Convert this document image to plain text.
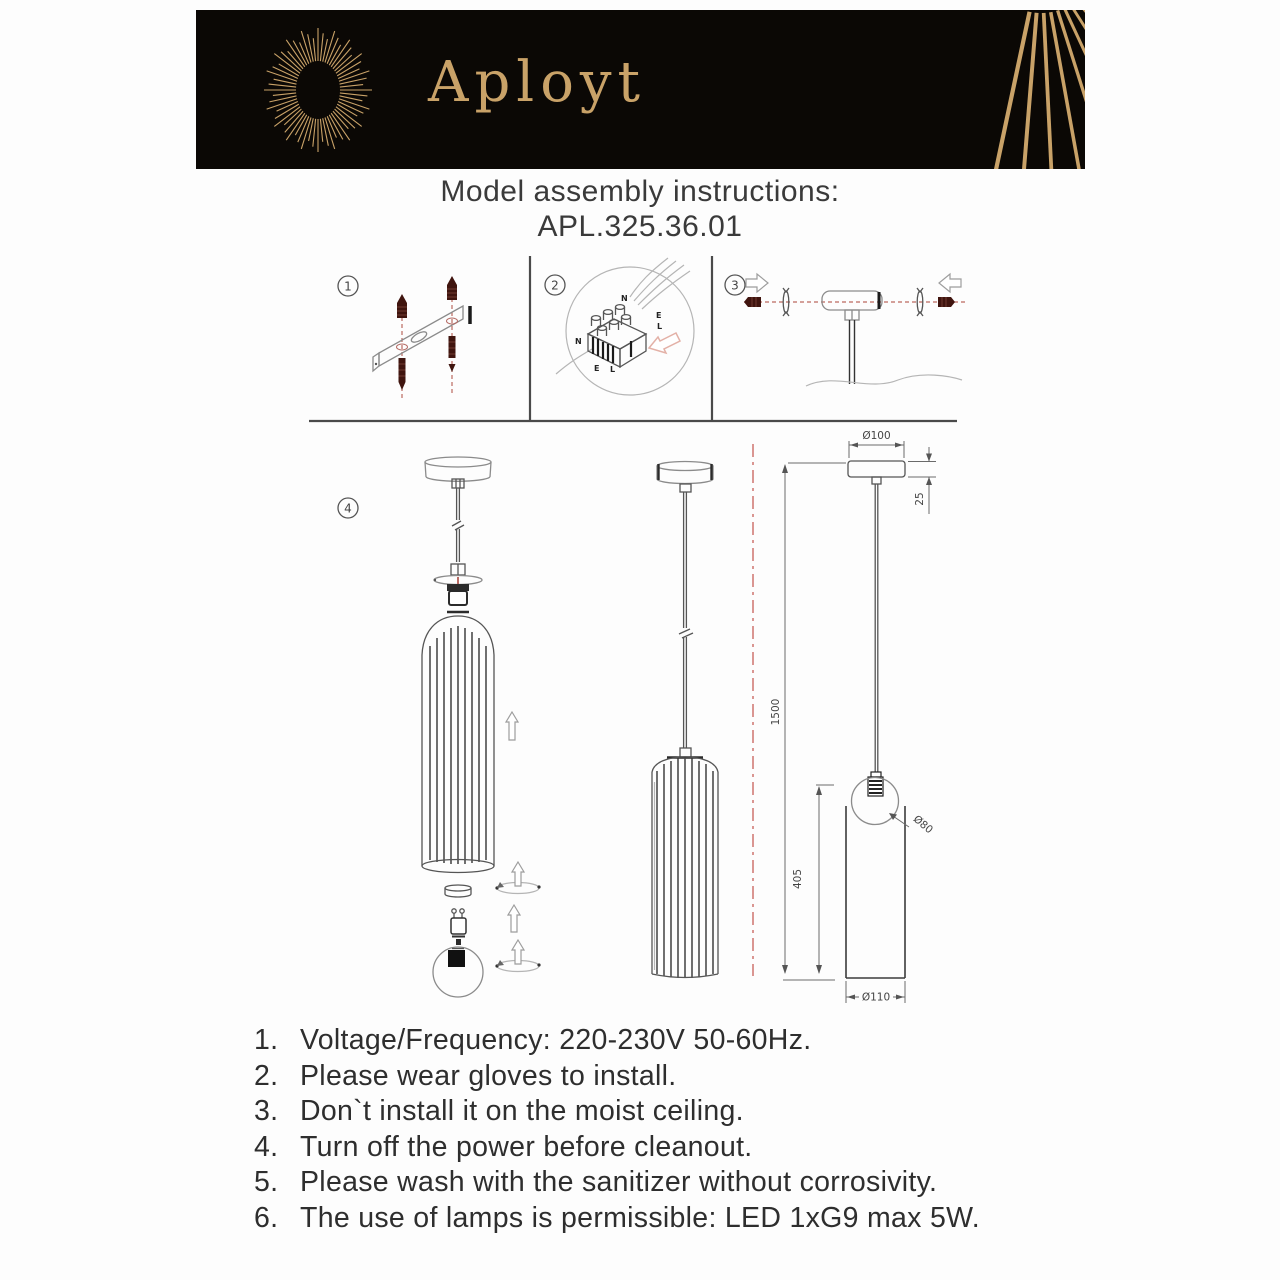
Aployt
Model assembly instructions:
APL.325.36.01
1	2
N
E
L
N
E L
3
4
1500
405
Ø100
25
Ø80
Ø110
1. Voltage/Frequency: 220-230V 50-60Hz.
2. Please wear gloves to install.
3. Don`t install it on the moist ceiling.
4. Turn off the power before cleanout.
5. Please wash with the sanitizer without corrosivity.
6. The use of lamps is permissible: LED 1xG9 max 5W.
